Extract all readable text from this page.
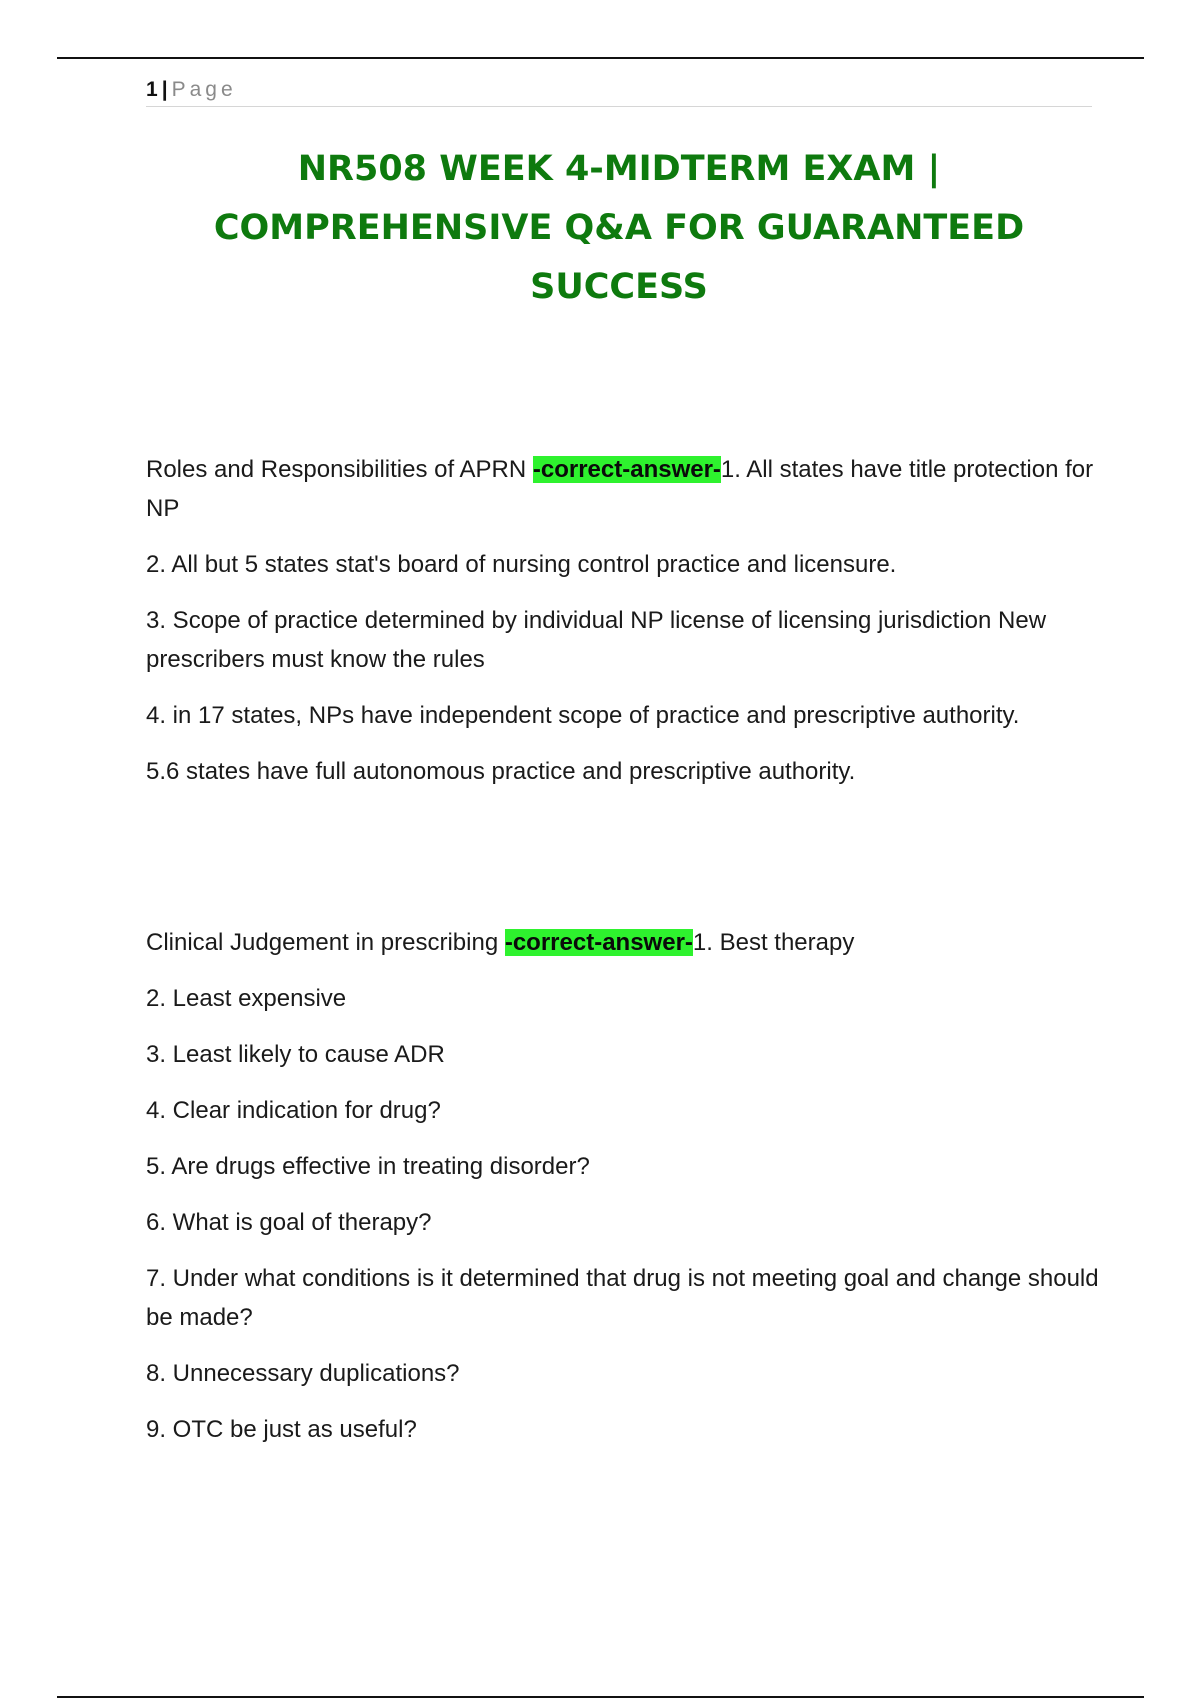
1 | Page
NR508 WEEK 4-MIDTERM EXAM | COMPREHENSIVE Q&A FOR GUARANTEED SUCCESS

Roles and Responsibilities of APRN -correct-answer-1. All states have title protection for NP

2. All but 5 states stat's board of nursing control practice and licensure.

3. Scope of practice determined by individual NP license of licensing jurisdiction New prescribers must know the rules

4. in 17 states, NPs have independent scope of practice and prescriptive authority.

5.6 states have full autonomous practice and prescriptive authority.

Clinical Judgement in prescribing -correct-answer-1. Best therapy

2. Least expensive

3. Least likely to cause ADR

4. Clear indication for drug?

5. Are drugs effective in treating disorder?

6. What is goal of therapy?

7. Under what conditions is it determined that drug is not meeting goal and change should be made?

8. Unnecessary duplications?

9. OTC be just as useful?
